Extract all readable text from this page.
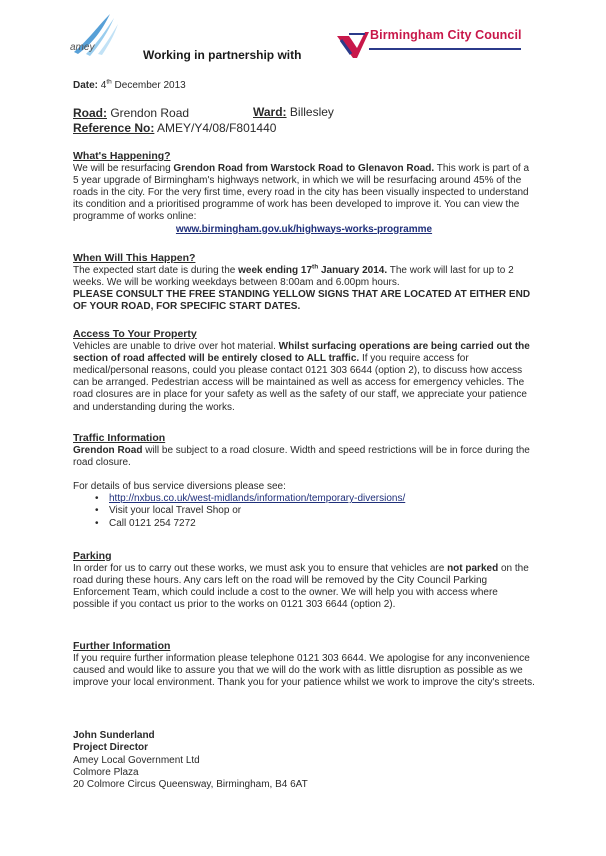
amey
Working in partnership with
Birmingham City Council
Date: 4th December 2013
Road: Grendon Road	Ward: Billesley
Reference No: AMEY/Y4/08/F801440
What's Happening?

We will be resurfacing Grendon Road from Warstock Road to Glenavon Road. This work is part of a 5 year upgrade of Birmingham's highways network, in which we will be resurfacing around 45% of the roads in the city. For the very first time, every road in the city has been visually inspected to understand its condition and a prioritised programme of work has been developed to improve it. You can view the programme of works online:

www.birmingham.gov.uk/highways-works-programme
When Will This Happen?

The expected start date is during the week ending 17th January 2014. The work will last for up to 2 weeks. We will be working weekdays between 8:00am and 6.00pm hours.

PLEASE CONSULT THE FREE STANDING YELLOW SIGNS THAT ARE LOCATED AT EITHER END OF YOUR ROAD, FOR SPECIFIC START DATES.

Access To Your Property

Vehicles are unable to drive over hot material. Whilst surfacing operations are being carried out the section of road affected will be entirely closed to ALL traffic. If you require access for medical/personal reasons, could you please contact 0121 303 6644 (option 2), to discuss how access can be arranged. Pedestrian access will be maintained as well as access for emergency vehicles. The road closures are in place for your safety as well as the safety of our staff, we appreciate your patience and understanding during the works.

Traffic Information

Grendon Road will be subject to a road closure. Width and speed restrictions will be in force during the road closure.

For details of bus service diversions please see:

• http://nxbus.co.uk/west-midlands/information/temporary-diversions/
• Visit your local Travel Shop or
• Call 0121 254 7272
Parking

In order for us to carry out these works, we must ask you to ensure that vehicles are not parked on the road during these hours. Any cars left on the road will be removed by the City Council Parking Enforcement Team, which could include a cost to the owner. We will help you with access where possible if you contact us prior to the works on 0121 303 6644 (option 2).

Further Information

If you require further information please telephone 0121 303 6644. We apologise for any inconvenience caused and would like to assure you that we will do the work with as little disruption as possible as we improve your local environment. Thank you for your patience whilst we work to improve the city's streets.

John Sunderland
Project Director
Amey Local Government Ltd
Colmore Plaza
20 Colmore Circus Queensway, Birmingham, B4 6AT
